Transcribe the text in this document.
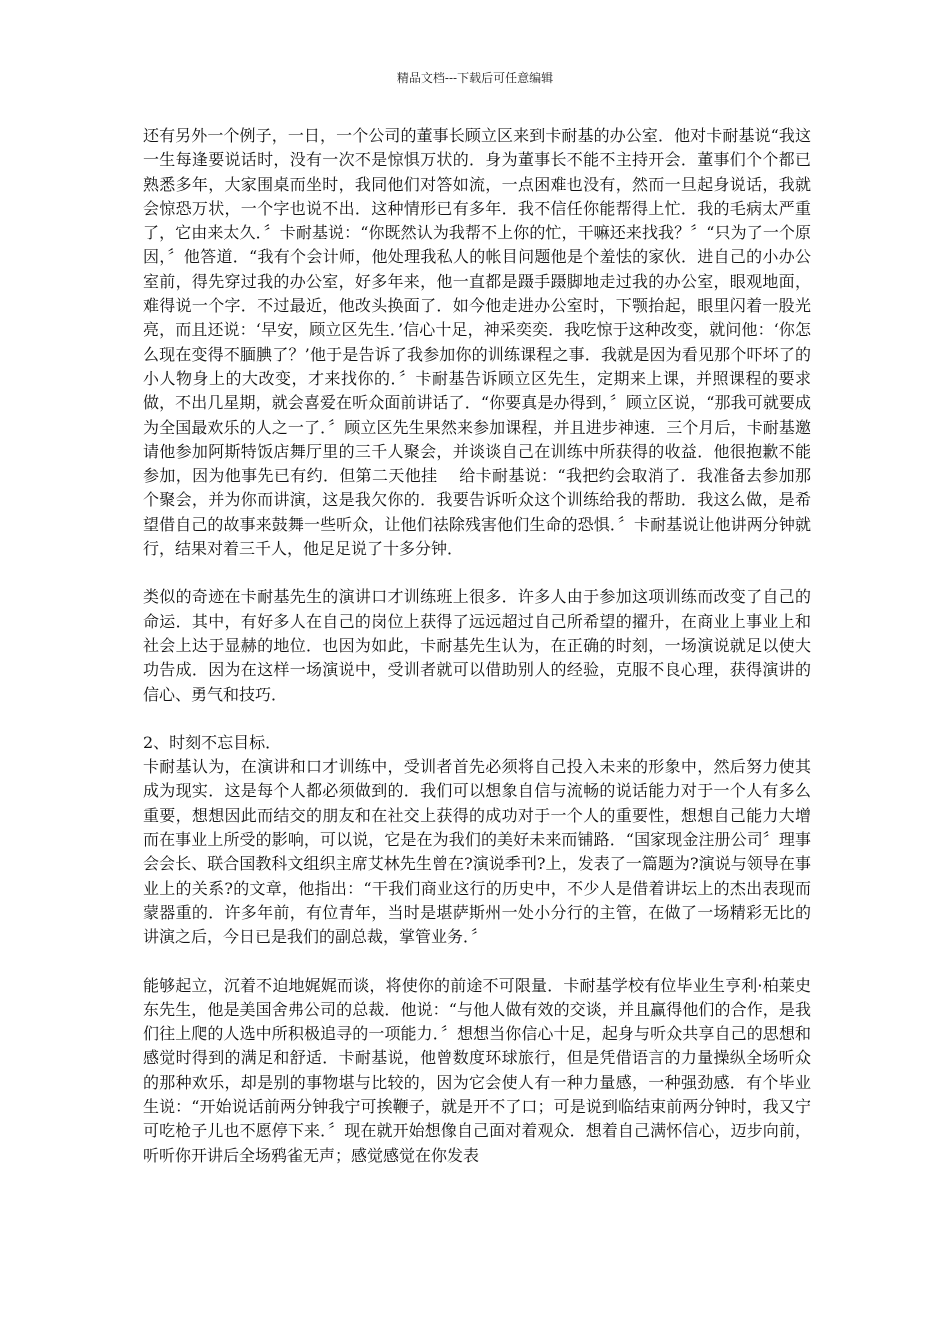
精品文档---下载后可任意编辑

还有另外一个例子，一日，一个公司的董事长顾立区来到卡耐基的办公室．他对卡耐基说“我这一生每逢要说话时，没有一次不是惊惧万状的．身为董事长不能不主持开会．董事们个个都已熟悉多年，大家围桌而坐时，我同他们对答如流，一点困难也没有，然而一旦起身说话，我就会惊恐万状，一个字也说不出．这种情形已有多年．我不信任你能帮得上忙．我的毛病太严重了，它由来太久．〞卡耐基说：“你既然认为我帮不上你的忙，干嘛还来找我？〞“只为了一个原因，〞他答道．“我有个会计师，他处理我私人的帐目问题他是个羞怯的家伙．进自己的小办公室前，得先穿过我的办公室，好多年来，他一直都是蹑手蹑脚地走过我的办公室，眼观地面，难得说一个字．不过最近，他改头换面了．如今他走进办公室时，下颚抬起，眼里闪着一股光亮，而且还说：‘早安，顾立区先生．’信心十足，神采奕奕．我吃惊于这种改变，就问他：‘你怎么现在变得不腼腆了？’他于是告诉了我参加你的训练课程之事．我就是因为看见那个吓坏了的小人物身上的大改变，才来找你的．〞卡耐基告诉顾立区先生，定期来上课，并照课程的要求做，不出几星期，就会喜爱在听众面前讲话了．“你要真是办得到，〞顾立区说，“那我可就要成为全国最欢乐的人之一了．〞顾立区先生果然来参加课程，并且进步神速．三个月后，卡耐基邀请他参加阿斯特饭店舞厅里的三千人聚会，并谈谈自己在训练中所获得的收益．他很抱歉不能参加，因为他事先已有约．但第二天他挂　 给卡耐基说：“我把约会取消了．我准备去参加那个聚会，并为你而讲演，这是我欠你的．我要告诉听众这个训练给我的帮助．我这么做，是希望借自己的故事来鼓舞一些听众，让他们祛除残害他们生命的恐惧．〞卡耐基说让他讲两分钟就行，结果对着三千人，他足足说了十多分钟．

类似的奇迹在卡耐基先生的演讲口才训练班上很多．许多人由于参加这项训练而改变了自己的命运．其中，有好多人在自己的岗位上获得了远远超过自己所希望的擢升，在商业上事业上和社会上达于显赫的地位．也因为如此，卡耐基先生认为，在正确的时刻，一场演说就足以使大功告成．因为在这样一场演说中，受训者就可以借助别人的经验，克服不良心理，获得演讲的信心、勇气和技巧．

2、时刻不忘目标．

卡耐基认为，在演讲和口才训练中，受训者首先必须将自己投入未来的形象中，然后努力使其成为现实．这是每个人都必须做到的．我们可以想象自信与流畅的说话能力对于一个人有多么重要，想想因此而结交的朋友和在社交上获得的成功对于一个人的重要性，想想自己能力大增而在事业上所受的影响，可以说，它是在为我们的美好未来而铺路．“国家现金注册公司〞理事会会长、联合国教科文组织主席艾林先生曾在?演说季刊?上，发表了一篇题为?演说与领导在事业上的关系?的文章，他指出：“干我们商业这行的历史中，不少人是借着讲坛上的杰出表现而蒙器重的．许多年前，有位青年，当时是堪萨斯州一处小分行的主管，在做了一场精彩无比的讲演之后，今日已是我们的副总裁，掌管业务．〞

能够起立，沉着不迫地娓娓而谈，将使你的前途不可限量．卡耐基学校有位毕业生亨利·柏莱史东先生，他是美国舍弗公司的总裁．他说：“与他人做有效的交谈，并且赢得他们的合作，是我们往上爬的人选中所积极追寻的一项能力．〞想想当你信心十足，起身与听众共享自己的思想和感觉时得到的满足和舒适．卡耐基说，他曾数度环球旅行，但是凭借语言的力量操纵全场听众的那种欢乐，却是别的事物堪与比较的，因为它会使人有一种力量感，一种强劲感．有个毕业生说：“开始说话前两分钟我宁可挨鞭子，就是开不了口；可是说到临结束前两分钟时，我又宁可吃枪子儿也不愿停下来．〞现在就开始想像自己面对着观众．想着自己满怀信心，迈步向前，听听你开讲后全场鸦雀无声；感觉感觉在你发表
